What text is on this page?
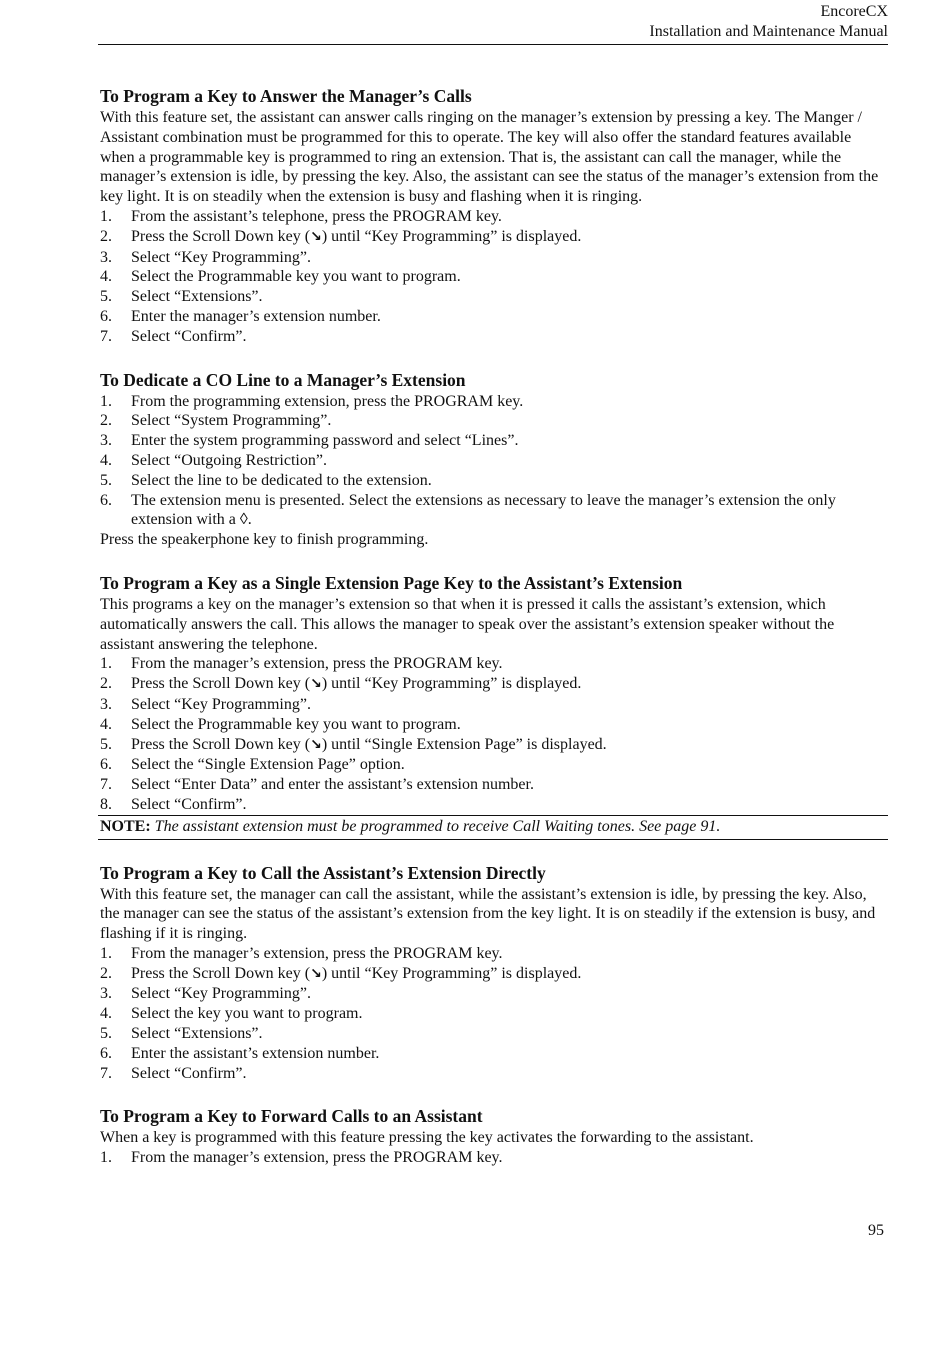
EncoreCX
Installation and Maintenance Manual
To Program a Key to Answer the Manager’s Calls

With this feature set, the assistant can answer calls ringing on the manager’s extension by pressing a key. The Manger / Assistant combination must be programmed for this to operate. The key will also offer the standard features available when a programmable key is programmed to ring an extension. That is, the assistant can call the manager, while the manager’s extension is idle, by pressing the key. Also, the assistant can see the status of the manager’s extension from the key light. It is on steadily when the extension is busy and flashing when it is ringing.

1. From the assistant’s telephone, press the PROGRAM key.
2. Press the Scroll Down key (↘) until “Key Programming” is displayed.
3. Select “Key Programming”.
4. Select the Programmable key you want to program.
5. Select “Extensions”.
6. Enter the manager’s extension number.
7. Select “Confirm”.
To Dedicate a CO Line to a Manager’s Extension
1. From the programming extension, press the PROGRAM key.
2. Select “System Programming”.
3. Enter the system programming password and select “Lines”.
4. Select “Outgoing Restriction”.
5. Select the line to be dedicated to the extension.
6. The extension menu is presented. Select the extensions as necessary to leave the manager’s extension the only extension with a ◊.

Press the speakerphone key to finish programming.

To Program a Key as a Single Extension Page Key to the Assistant’s Extension

This programs a key on the manager’s extension so that when it is pressed it calls the assistant’s extension, which automatically answers the call. This allows the manager to speak over the assistant’s extension speaker without the assistant answering the telephone.

1. From the manager’s extension, press the PROGRAM key.
2. Press the Scroll Down key (↘) until “Key Programming” is displayed.
3. Select “Key Programming”.
4. Select the Programmable key you want to program.
5. Press the Scroll Down key (↘) until “Single Extension Page” is displayed.
6. Select the “Single Extension Page” option.
7. Select “Enter Data” and enter the assistant’s extension number.
8. Select “Confirm”.
NOTE: The assistant extension must be programmed to receive Call Waiting tones. See page 91.
To Program a Key to Call the Assistant’s Extension Directly

With this feature set, the manager can call the assistant, while the assistant’s extension is idle, by pressing the key. Also, the manager can see the status of the assistant’s extension from the key light. It is on steadily if the extension is busy, and flashing if it is ringing.

1. From the manager’s extension, press the PROGRAM key.
2. Press the Scroll Down key (↘) until “Key Programming” is displayed.
3. Select “Key Programming”.
4. Select the key you want to program.
5. Select “Extensions”.
6. Enter the assistant’s extension number.
7. Select “Confirm”.
To Program a Key to Forward Calls to an Assistant

When a key is programmed with this feature pressing the key activates the forwarding to the assistant.

1. From the manager’s extension, press the PROGRAM key.
95
